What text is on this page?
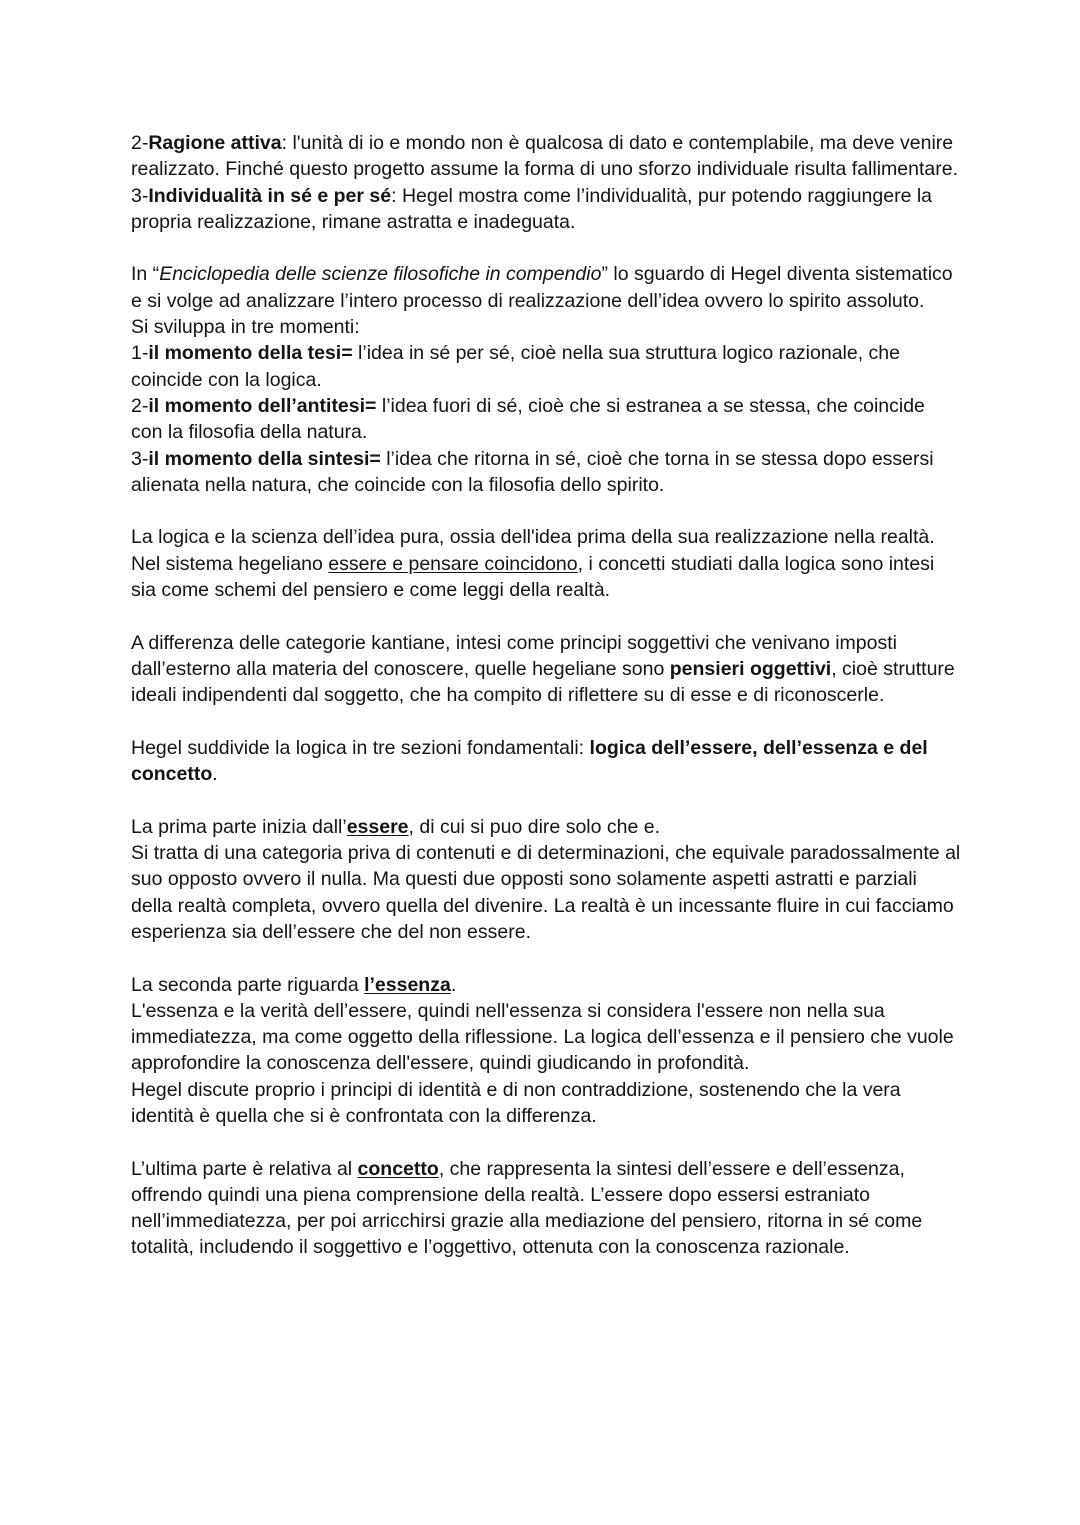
2-Ragione attiva: l'unità di io e mondo non è qualcosa di dato e contemplabile, ma deve venire realizzato. Finché questo progetto assume la forma di uno sforzo individuale risulta fallimentare.

3-Individualità in sé e per sé: Hegel mostra come l’individualità, pur potendo raggiungere la propria realizzazione, rimane astratta e inadeguata.

In “Enciclopedia delle scienze filosofiche in compendio” lo sguardo di Hegel diventa sistematico e si volge ad analizzare l’intero processo di realizzazione dell’idea ovvero lo spirito assoluto.

Si sviluppa in tre momenti:

1-il momento della tesi= l’idea in sé per sé, cioè nella sua struttura logico razionale, che coincide con la logica.

2-il momento dell’antitesi= l’idea fuori di sé, cioè che si estranea a se stessa, che coincide con la filosofia della natura.

3-il momento della sintesi= l’idea che ritorna in sé, cioè che torna in se stessa dopo essersi alienata nella natura, che coincide con la filosofia dello spirito.

La logica e la scienza dell’idea pura, ossia dell'idea prima della sua realizzazione nella realtà.

Nel sistema hegeliano essere e pensare coincidono, i concetti studiati dalla logica sono intesi sia come schemi del pensiero e come leggi della realtà.

A differenza delle categorie kantiane, intesi come principi soggettivi che venivano imposti dall’esterno alla materia del conoscere, quelle hegeliane sono pensieri oggettivi, cioè strutture ideali indipendenti dal soggetto, che ha compito di riflettere su di esse e di riconoscerle.

Hegel suddivide la logica in tre sezioni fondamentali: logica dell’essere, dell’essenza e del concetto.

La prima parte inizia dall’essere, di cui si puo dire solo che e.

Si tratta di una categoria priva di contenuti e di determinazioni, che equivale paradossalmente al suo opposto ovvero il nulla. Ma questi due opposti sono solamente aspetti astratti e parziali della realtà completa, ovvero quella del divenire. La realtà è un incessante fluire in cui facciamo esperienza sia dell’essere che del non essere.

La seconda parte riguarda l’essenza.

L'essenza e la verità dell’essere, quindi nell'essenza si considera l'essere non nella sua immediatezza, ma come oggetto della riflessione. La logica dell’essenza e il pensiero che vuole approfondire la conoscenza dell'essere, quindi giudicando in profondità.

Hegel discute proprio i principi di identità e di non contraddizione, sostenendo che la vera identità è quella che si è confrontata con la differenza.

L’ultima parte è relativa al concetto, che rappresenta la sintesi dell’essere e dell’essenza, offrendo quindi una piena comprensione della realtà. L’essere dopo essersi estraniato nell’immediatezza, per poi arricchirsi grazie alla mediazione del pensiero, ritorna in sé come totalità, includendo il soggettivo e l’oggettivo, ottenuta con la conoscenza razionale.
